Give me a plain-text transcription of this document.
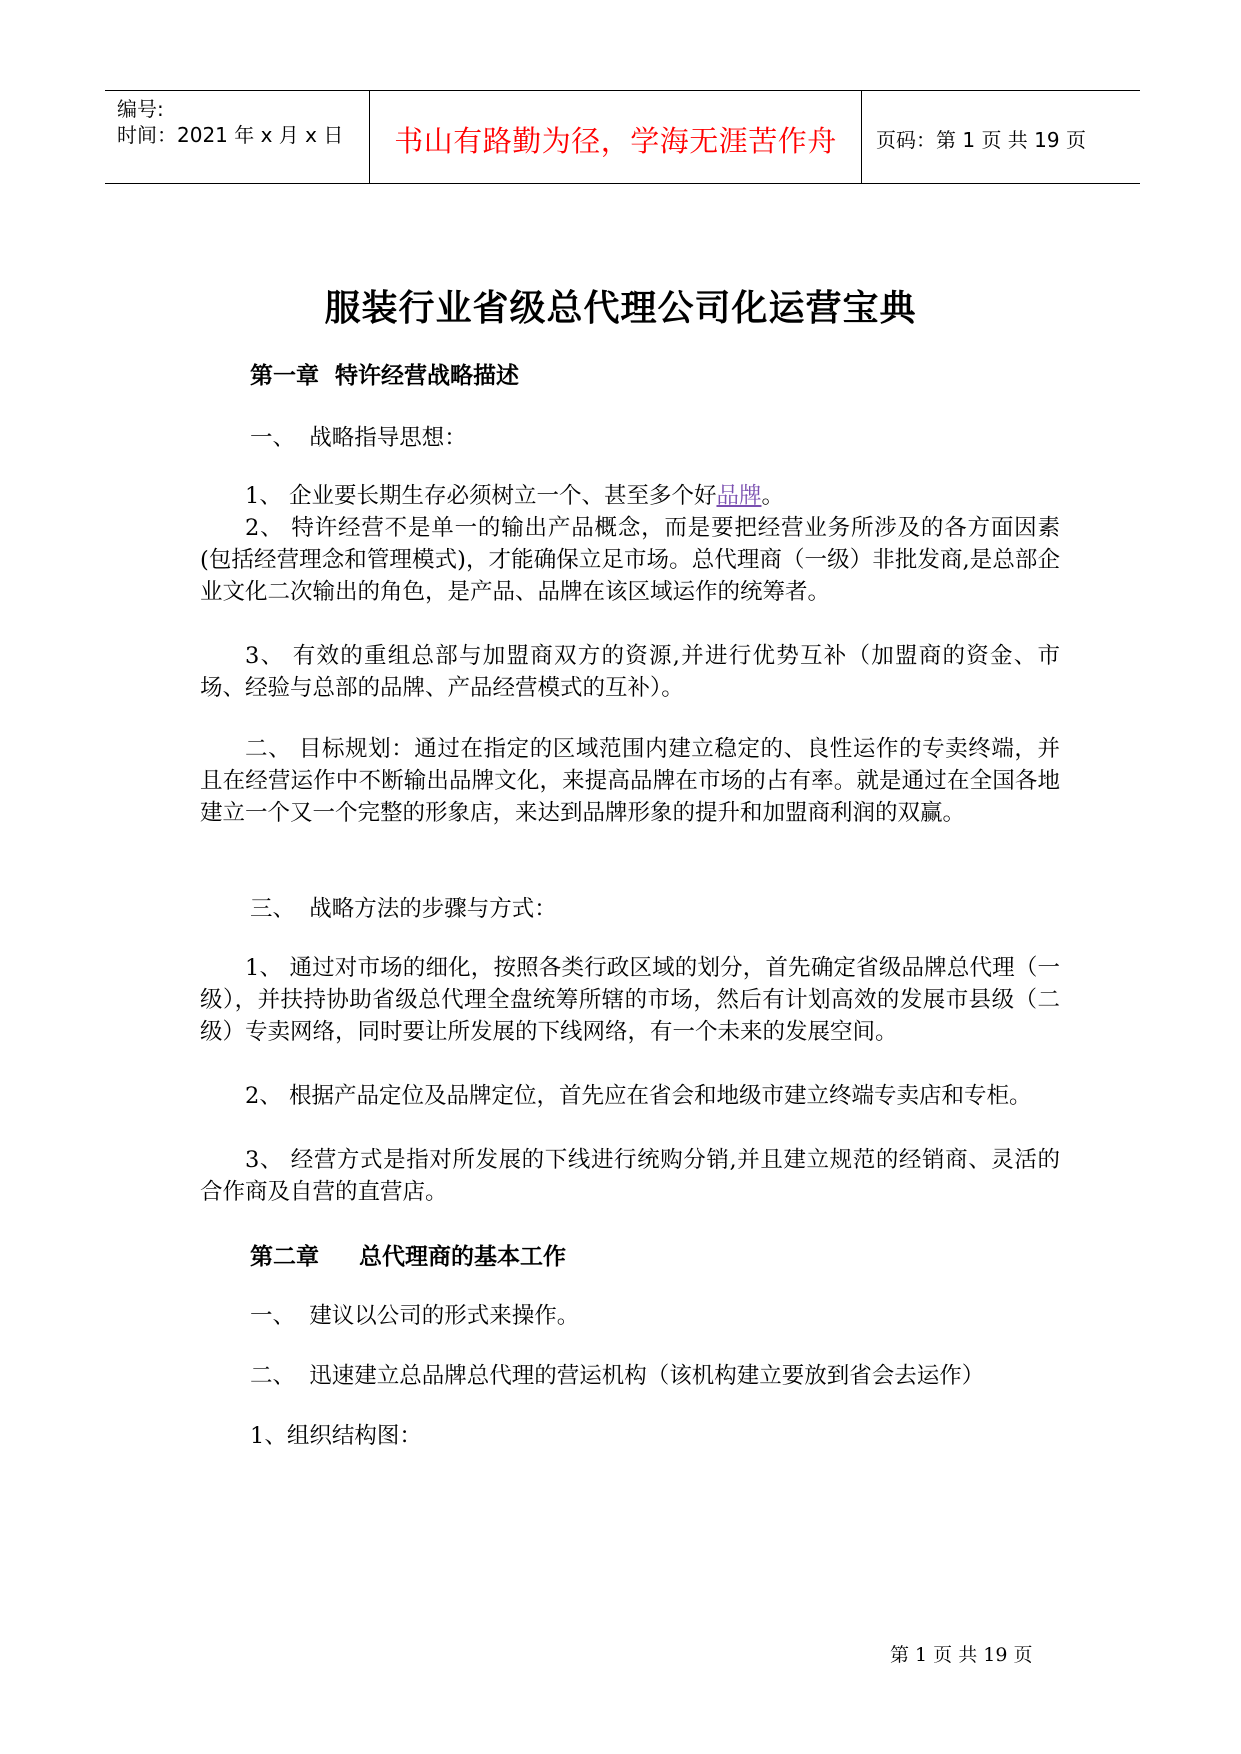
编号:
时间：2021 年 x 月 x 日	书山有路勤为径，学海无涯苦作舟	页码：第 1 页 共 19 页
服装行业省级总代理公司化运营宝典
第一章  特许经营战略描述
一、  战略指导思想：
1、 企业要长期生存必须树立一个、甚至多个好品牌。
2、 特许经营不是单一的输出产品概念，而是要把经营业务所涉及的各方面因素(包括经营理念和管理模式)，才能确保立足市场。总代理商（一级）非批发商,是总部企业文化二次输出的角色，是产品、品牌在该区域运作的统筹者。
3、 有效的重组总部与加盟商双方的资源,并进行优势互补（加盟商的资金、市场、经验与总部的品牌、产品经营模式的互补）。
二、 目标规划：通过在指定的区域范围内建立稳定的、良性运作的专卖终端，并且在经营运作中不断输出品牌文化，来提高品牌在市场的占有率。就是通过在全国各地建立一个又一个完整的形象店，来达到品牌形象的提升和加盟商利润的双赢。
三、  战略方法的步骤与方式：
1、 通过对市场的细化，按照各类行政区域的划分，首先确定省级品牌总代理（一级），并扶持协助省级总代理全盘统筹所辖的市场，然后有计划高效的发展市县级（二级）专卖网络，同时要让所发展的下线网络，有一个未来的发展空间。
2、 根据产品定位及品牌定位，首先应在省会和地级市建立终端专卖店和专柜。
3、 经营方式是指对所发展的下线进行统购分销,并且建立规范的经销商、灵活的合作商及自营的直营店。
第二章     总代理商的基本工作
一、  建议以公司的形式来操作。
二、  迅速建立总品牌总代理的营运机构（该机构建立要放到省会去运作）
1、组织结构图：
第 1 页 共 19 页
